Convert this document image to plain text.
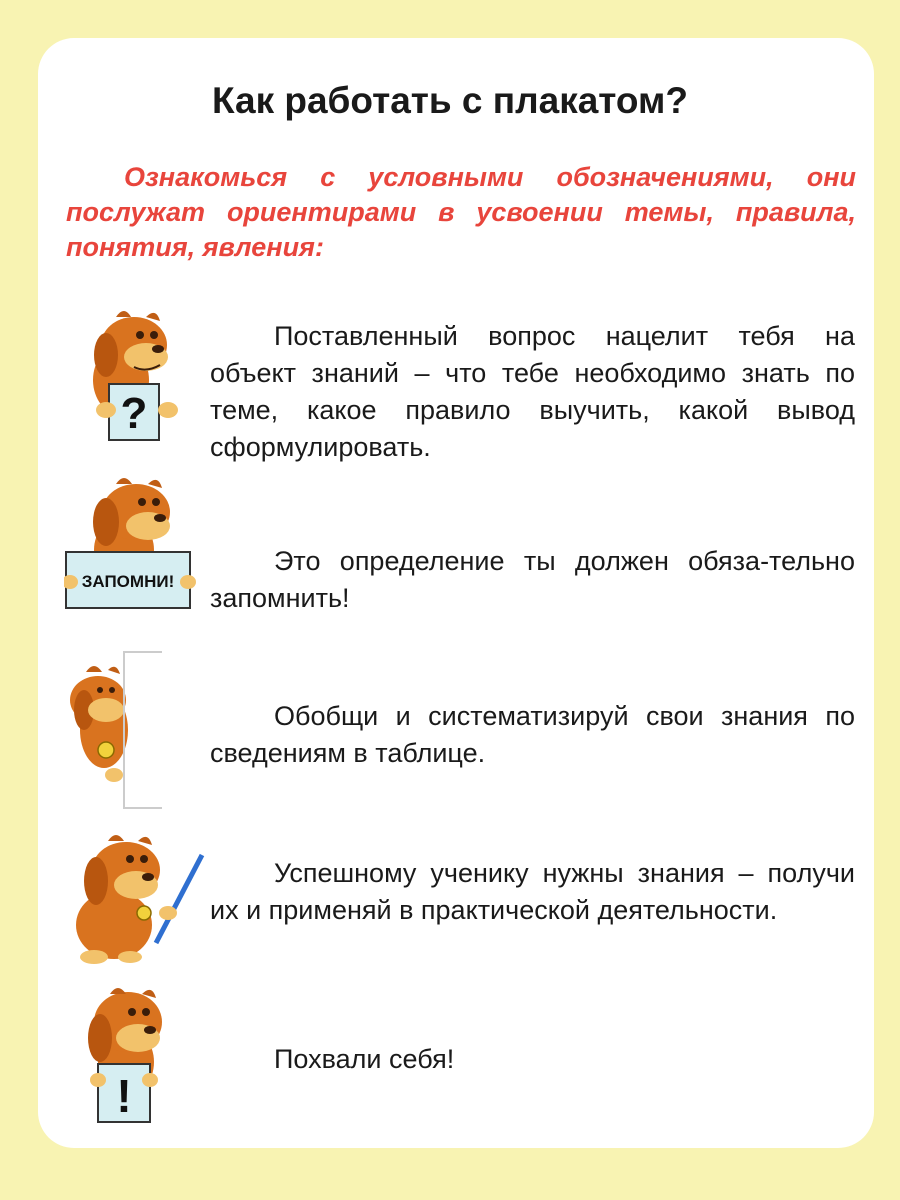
Как работать с плакатом?

Ознакомься с условными обозначениями, они послужат ориентирами в усвоении темы, правила, понятия, явления:

?

Поставленный вопрос нацелит тебя на объект знаний – что тебе необходимо знать по теме, какое правило выучить, какой вывод сформулировать.

ЗАПОМНИ!

Это определение ты должен обяза-тельно запомнить!

Обобщи и систематизируй свои знания по сведениям в таблице.

Успешному ученику нужны знания – получи их и применяй в практической деятельности.

!

Похвали себя!
